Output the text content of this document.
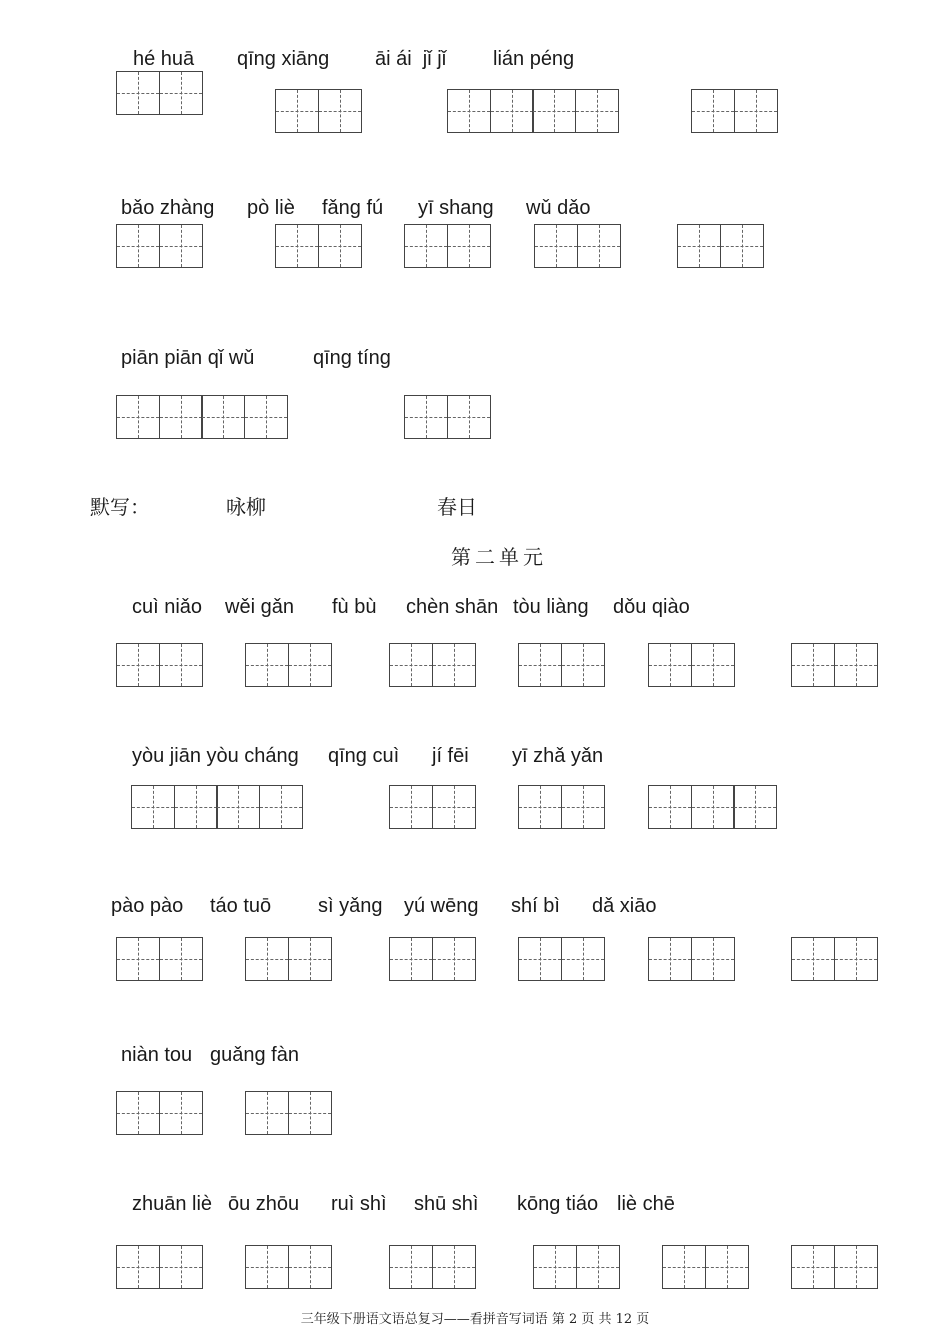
hé huā qīng xiāng āi ái  jǐ jǐ lián péng
bǎo zhàng pò liè fǎng fú yī shang wǔ dǎo
piān piān qǐ wǔ	qīng tíng
默写：	咏柳	春日
第二单元
cuì niǎo wěi gǎn fù bù chèn shān tòu liàng dǒu qiào
yòu jiān yòu cháng qīng cuì jí fēi yī zhǎ yǎn
pào pào táo tuō sì yǎng yú wēng shí bì dǎ xiāo
niàn tou guǎng fàn
zhuān liè ōu zhōu ruì shì shū shì kōng tiáo liè chē
三年级下册语文语总复习——看拼音写词语 第 2 页 共 12 页
